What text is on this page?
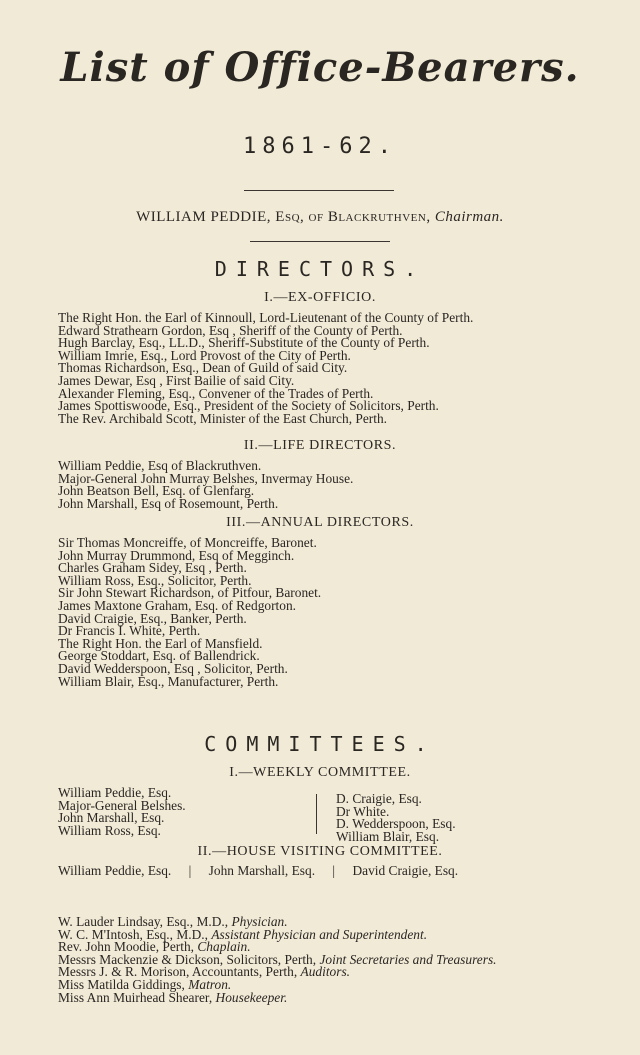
List of Office-Bearers.
1861-62.
WILLIAM PEDDIE, Esq, of Blackruthven, Chairman.
DIRECTORS.
I.—EX-OFFICIO.
The Right Hon. the Earl of Kinnoull, Lord-Lieutenant of the County of Perth.
Edward Strathearn Gordon, Esq , Sheriff of the County of Perth.
Hugh Barclay, Esq., LL.D., Sheriff-Substitute of the County of Perth.
William Imrie, Esq., Lord Provost of the City of Perth.
Thomas Richardson, Esq., Dean of Guild of said City.
James Dewar, Esq , First Bailie of said City.
Alexander Fleming, Esq., Convener of the Trades of Perth.
James Spottiswoode, Esq., President of the Society of Solicitors, Perth.
The Rev. Archibald Scott, Minister of the East Church, Perth.
II.—LIFE DIRECTORS.
William Peddie, Esq of Blackruthven.
Major-General John Murray Belshes, Invermay House.
John Beatson Bell, Esq. of Glenfarg.
John Marshall, Esq of Rosemount, Perth.
III.—ANNUAL DIRECTORS.
Sir Thomas Moncreiffe, of Moncreiffe, Baronet.
John Murray Drummond, Esq of Megginch.
Charles Graham Sidey, Esq , Perth.
William Ross, Esq., Solicitor, Perth.
Sir John Stewart Richardson, of Pitfour, Baronet.
James Maxtone Graham, Esq. of Redgorton.
David Craigie, Esq., Banker, Perth.
Dr Francis I. White, Perth.
The Right Hon. the Earl of Mansfield.
George Stoddart, Esq. of Ballendrick.
David Wedderspoon, Esq , Solicitor, Perth.
William Blair, Esq., Manufacturer, Perth.
COMMITTEES.
I.—WEEKLY COMMITTEE.
William Peddie, Esq.
Major-General Belshes.
John Marshall, Esq.
William Ross, Esq.
D. Craigie, Esq.
Dr White.
D. Wedderspoon, Esq.
William Blair, Esq.
II.—HOUSE VISITING COMMITTEE.
William Peddie, Esq. | John Marshall, Esq. | David Craigie, Esq.
W. Lauder Lindsay, Esq., M.D., Physician.
W. C. M'Intosh, Esq., M.D., Assistant Physician and Superintendent.
Rev. John Moodie, Perth, Chaplain.
Messrs Mackenzie & Dickson, Solicitors, Perth, Joint Secretaries and Treasurers.
Messrs J. & R. Morison, Accountants, Perth, Auditors.
Miss Matilda Giddings, Matron.
Miss Ann Muirhead Shearer, Housekeeper.
